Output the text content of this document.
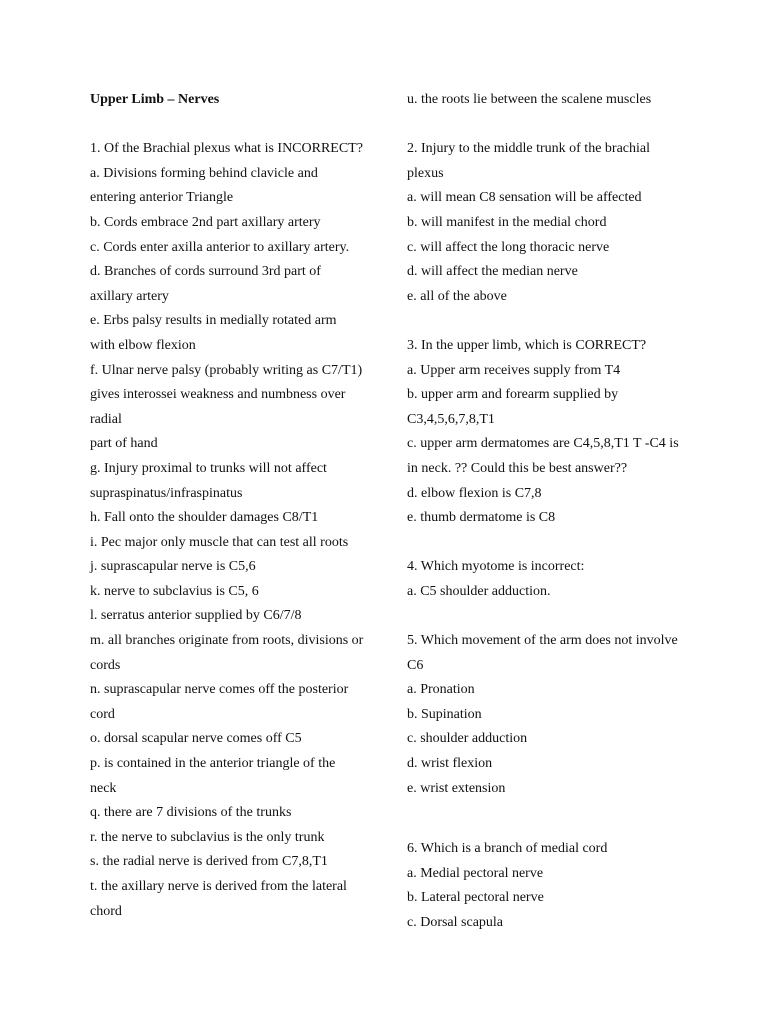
Upper Limb – Nerves

1. Of the Brachial plexus what is INCORRECT?

a. Divisions forming behind clavicle and

entering anterior Triangle

b. Cords embrace 2nd part axillary artery

c. Cords enter axilla anterior to axillary artery.

d. Branches of cords surround 3rd part of

axillary artery

e. Erbs palsy results in medially rotated arm

with elbow flexion

f. Ulnar nerve palsy (probably writing as C7/T1)

gives interossei weakness and numbness over

radial

part of hand

g. Injury proximal to trunks will not affect

supraspinatus/infraspinatus

h. Fall onto the shoulder damages C8/T1

i. Pec major only muscle that can test all roots

j. suprascapular nerve is C5,6

k. nerve to subclavius is C5, 6

l. serratus anterior supplied by C6/7/8

m. all branches originate from roots, divisions or

cords

n. suprascapular nerve comes off the posterior

cord

o. dorsal scapular nerve comes off C5

p. is contained in the anterior triangle of the

neck

q. there are 7 divisions of the trunks

r. the nerve to subclavius is the only trunk

s. the radial nerve is derived from C7,8,T1

t. the axillary nerve is derived from the lateral

chord

u. the roots lie between the scalene muscles

2. Injury to the middle trunk of the brachial

plexus

a. will mean C8 sensation will be affected

b. will manifest in the medial chord

c. will affect the long thoracic nerve

d. will affect the median nerve

e. all of the above

3. In the upper limb, which is CORRECT?

a. Upper arm receives supply from T4

b. upper arm and forearm supplied by

C3,4,5,6,7,8,T1

c. upper arm dermatomes are C4,5,8,T1 T -C4 is

in neck. ?? Could this be best answer??

d. elbow flexion is C7,8

e. thumb dermatome is C8

4. Which myotome is incorrect:

a. C5 shoulder adduction.

5. Which movement of the arm does not involve

C6

a. Pronation

b. Supination

c. shoulder adduction

d. wrist flexion

e. wrist extension

6. Which is a branch of medial cord

a. Medial pectoral nerve

b. Lateral pectoral nerve

c. Dorsal scapula
